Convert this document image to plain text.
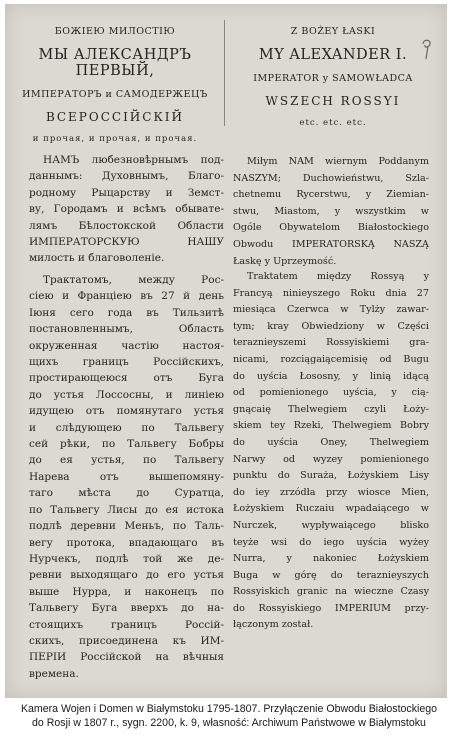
БОЖІЕЮ МИЛОСТІЮ
МЫ АЛЕКСАНДРЪ ПЕРВЫЙ,
ИМПЕРАТОРЪ и САМОДЕРЖЕЦЪ
ВСЕРОССІЙСКІЙ
и прочая, и прочая, и прочая.
Z BOŻEY ŁASKI
MY ALEXANDER I.
IMPERATOR y SAMOWŁADCA
WSZECH ROSSYI
etc. etc. etc.
НАМЪ любезновѣрнымъ под-
даннымъ: Духовнымъ, Благо-
родному Рыцарству и Земст-
ву, Городамъ и всѣмъ обывате-
лямъ Бѣлостокской Области
ИМПЕРАТОРСКУЮ НАШУ
милость и благоволеніе.
Трактатомъ, между Рос-
сіею и Франціею въ 27 й день
Іюня сего года въ Тильзитѣ
постановленнымъ, Область
окруженная частію настоя-
щихъ границъ Россійскихъ,
простирающеюся отъ Буга
до устья Лоссосны, и линіею
идущею отъ помянутаго устья
и слѣдующею по Тальвегу
сей рѣки, по Тальвегу Бобры
до ея устья, по Тальвегу
Нарева отъ вышепомяну-
таго мѣста до Суратца,
по Тальвегу Лисы до ея истока
подлѣ деревни Меньъ, по Таль-
вегу протока, впадающаго въ
Нурчекъ, подлѣ той же де-
ревни выходящаго до его устья
выше Нурра, и наконецъ по
Тальвегу Буга вверхъ до на-
стоящихъ границъ Россій-
скихъ, присоединена къ ИМ-
ПЕРІИ Россійской на вѣчныя
времена.
Miłym NAM wiernym Poddanym
NASZYM; Duchowieństwu, Szla-
chetnemu Rycerstwu, y Ziemian-
stwu, Miastom, y wszystkim w
Ogóle Obywatelom Białostockiego
Obwodu IMPERATORSKĄ NASZĄ
Łaskę y Uprzeymość.
Traktatem między Rossyą y
Francyą ninieyszego Roku dnia 27
miesiąca Czerwca w Tylży zawar-
tym; kray Obwiedziony w Części
teraznieyszemi Rossyiskiemi gra-
nicami, rozciągaiącemisię od Bugu
do uyścia Łososny, y linią idącą
od pomienionego uyścia, y cią-
gnącaię Thelwegiem czyli Łoży-
skiem tey Rzeki, Thelwegiem Bobry
do uyścia Oney, Thelwegiem
Narwy od wyzey pomienionego
punktu do Suraża, Łożyskiem Lisy
do iey zrzódła przy wiosce Mien,
Łożyskiem Ruczaiu wpadaiącego w
Nurczek, wypływaiącego blisko
teyże wsi do iego uyścia wyżey
Nurra, y nakoniec Łożyskiem
Buga w górę do teraznieyszych
Rossyiskich granic na wieczne Czasy
do Rossyiskiego IMPERIUM przy-
łączonym został.
Kamera Wojen i Domen w Białymstoku 1795-1807. Przyłączenie Obwodu Białostockiego
do Rosji w 1807 r., sygn. 2200, k. 9, własność: Archiwum Państwowe w Białymstoku
